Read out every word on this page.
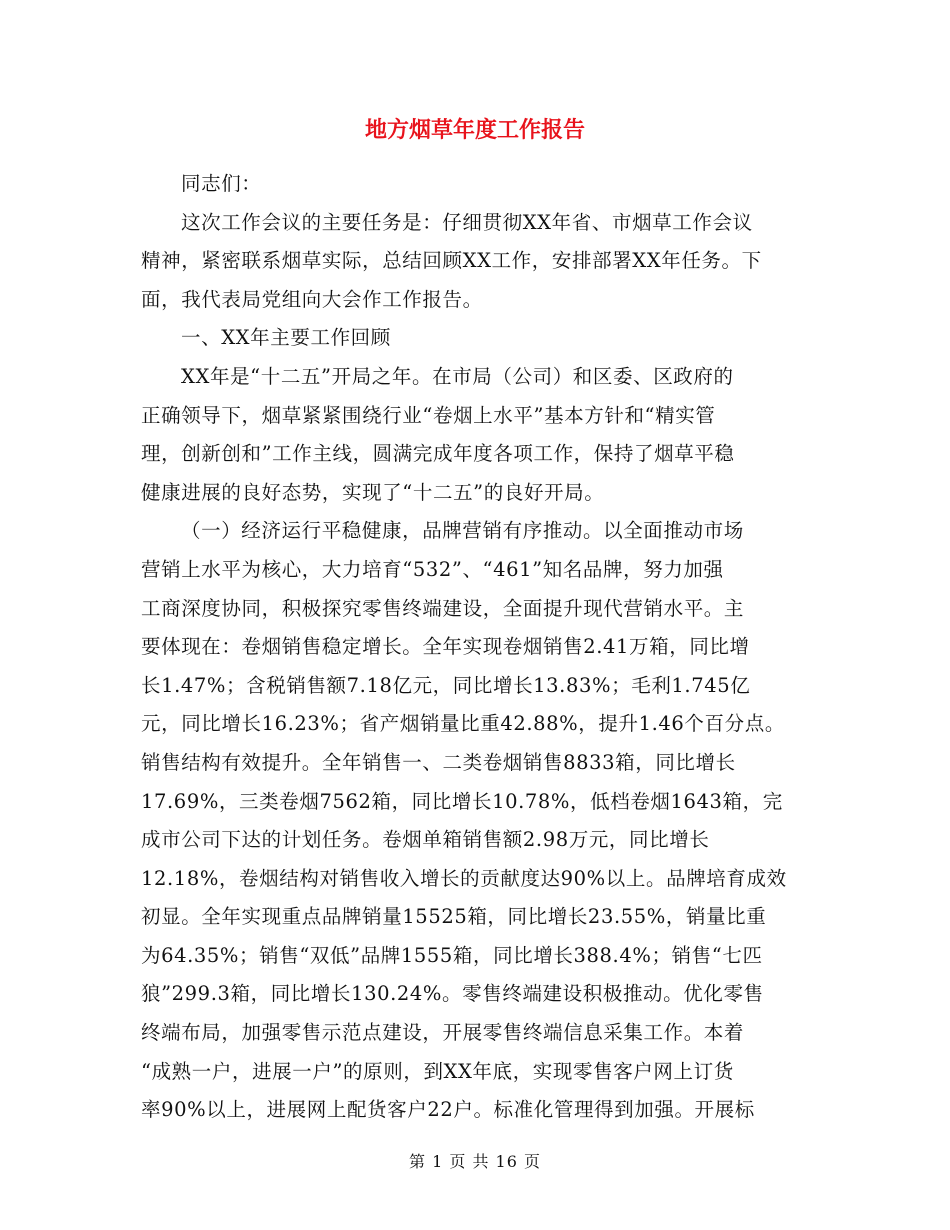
地方烟草年度工作报告
同志们：
这次工作会议的主要任务是：仔细贯彻XX年省、市烟草工作会议
精神，紧密联系烟草实际，总结回顾XX工作，安排部署XX年任务。下
面，我代表局党组向大会作工作报告。
一、XX年主要工作回顾
XX年是“十二五”开局之年。在市局（公司）和区委、区政府的
正确领导下，烟草紧紧围绕行业“卷烟上水平”基本方针和“精实管
理，创新创和”工作主线，圆满完成年度各项工作，保持了烟草平稳
健康进展的良好态势，实现了“十二五”的良好开局。
（一）经济运行平稳健康，品牌营销有序推动。以全面推动市场
营销上水平为核心，大力培育“532”、“461”知名品牌，努力加强
工商深度协同，积极探究零售终端建设，全面提升现代营销水平。主
要体现在：卷烟销售稳定增长。全年实现卷烟销售2.41万箱，同比增
长1.47%；含税销售额7.18亿元，同比增长13.83%；毛利1.745亿
元，同比增长16.23%；省产烟销量比重42.88%，提升1.46个百分点。
销售结构有效提升。全年销售一、二类卷烟销售8833箱，同比增长
17.69%，三类卷烟7562箱，同比增长10.78%，低档卷烟1643箱，完
成市公司下达的计划任务。卷烟单箱销售额2.98万元，同比增长
12.18%，卷烟结构对销售收入增长的贡献度达90%以上。品牌培育成效
初显。全年实现重点品牌销量15525箱，同比增长23.55%，销量比重
为64.35%；销售“双低”品牌1555箱，同比增长388.4%；销售“七匹
狼”299.3箱，同比增长130.24%。零售终端建设积极推动。优化零售
终端布局，加强零售示范点建设，开展零售终端信息采集工作。本着
“成熟一户，进展一户”的原则，到XX年底，实现零售客户网上订货
率90%以上，进展网上配货客户22户。标准化管理得到加强。开展标
第 1 页 共 16 页
